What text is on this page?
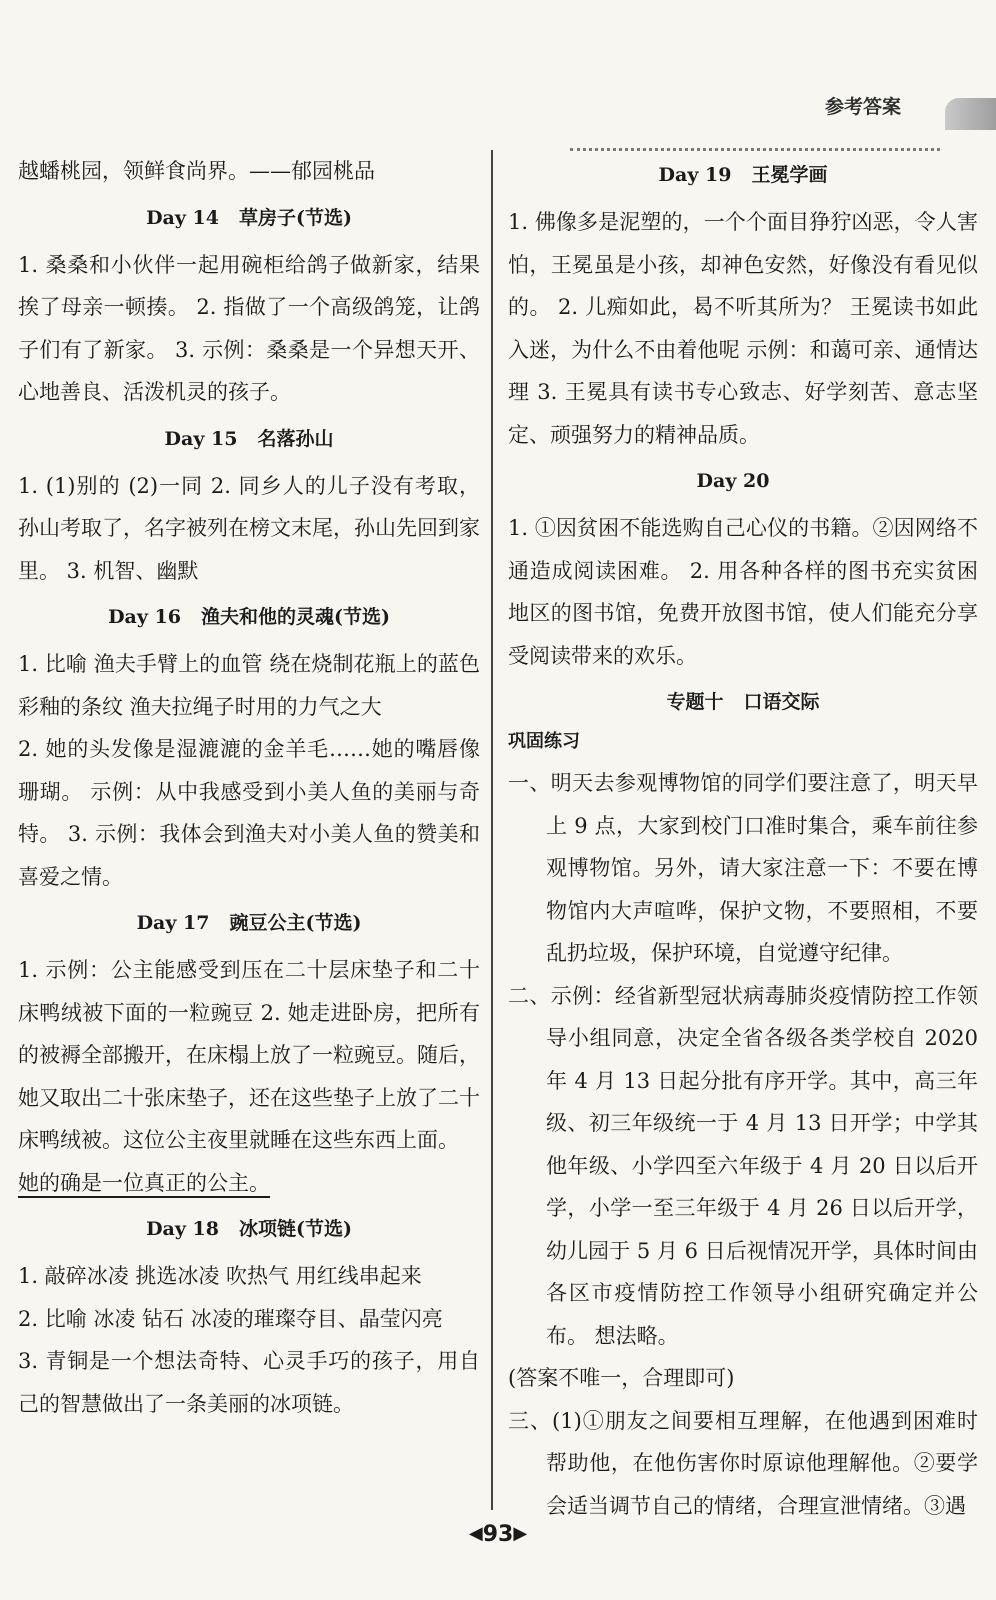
参考答案

越蟠桃园，领鲜食尚界。——郁园桃品

Day 14 草房子(节选)

1. 桑桑和小伙伴一起用碗柜给鸽子做新家，结果挨了母亲一顿揍。 2. 指做了一个高级鸽笼，让鸽子们有了新家。 3. 示例：桑桑是一个异想天开、心地善良、活泼机灵的孩子。

Day 15 名落孙山

1. (1)别的 (2)一同 2. 同乡人的儿子没有考取，孙山考取了，名字被列在榜文末尾，孙山先回到家里。 3. 机智、幽默

Day 16 渔夫和他的灵魂(节选)

1. 比喻 渔夫手臂上的血管 绕在烧制花瓶上的蓝色彩釉的条纹 渔夫拉绳子时用的力气之大

2. 她的头发像是湿漉漉的金羊毛……她的嘴唇像珊瑚。 示例：从中我感受到小美人鱼的美丽与奇特。 3. 示例：我体会到渔夫对小美人鱼的赞美和喜爱之情。

Day 17 豌豆公主(节选)

1. 示例：公主能感受到压在二十层床垫子和二十床鸭绒被下面的一粒豌豆 2. 她走进卧房，把所有的被褥全部搬开，在床榻上放了一粒豌豆。随后，她又取出二十张床垫子，还在这些垫子上放了二十床鸭绒被。这位公主夜里就睡在这些东西上面。

她的确是一位真正的公主。

Day 18 冰项链(节选)

1. 敲碎冰凌 挑选冰凌 吹热气 用红线串起来

2. 比喻 冰凌 钻石 冰凌的璀璨夺目、晶莹闪亮

3. 青铜是一个想法奇特、心灵手巧的孩子，用自己的智慧做出了一条美丽的冰项链。

Day 19 王冕学画

1. 佛像多是泥塑的，一个个面目狰狞凶恶，令人害怕，王冕虽是小孩，却神色安然，好像没有看见似的。 2. 儿痴如此，曷不听其所为？ 王冕读书如此入迷，为什么不由着他呢 示例：和蔼可亲、通情达理 3. 王冕具有读书专心致志、好学刻苦、意志坚定、顽强努力的精神品质。

Day 20

1. ①因贫困不能选购自己心仪的书籍。②因网络不通造成阅读困难。 2. 用各种各样的图书充实贫困地区的图书馆，免费开放图书馆，使人们能充分享受阅读带来的欢乐。

专题十 口语交际
巩固练习

一、明天去参观博物馆的同学们要注意了，明天早上 9 点，大家到校门口准时集合，乘车前往参观博物馆。另外，请大家注意一下：不要在博物馆内大声喧哗，保护文物，不要照相，不要乱扔垃圾，保护环境，自觉遵守纪律。

二、示例：经省新型冠状病毒肺炎疫情防控工作领导小组同意，决定全省各级各类学校自 2020 年 4 月 13 日起分批有序开学。其中，高三年级、初三年级统一于 4 月 13 日开学；中学其他年级、小学四至六年级于 4 月 20 日以后开学，小学一至三年级于 4 月 26 日以后开学，幼儿园于 5 月 6 日后视情况开学，具体时间由各区市疫情防控工作领导小组研究确定并公布。 想法略。

(答案不唯一，合理即可)

三、(1)①朋友之间要相互理解，在他遇到困难时帮助他，在他伤害你时原谅他理解他。②要学会适当调节自己的情绪，合理宣泄情绪。③遇

◀93▶
